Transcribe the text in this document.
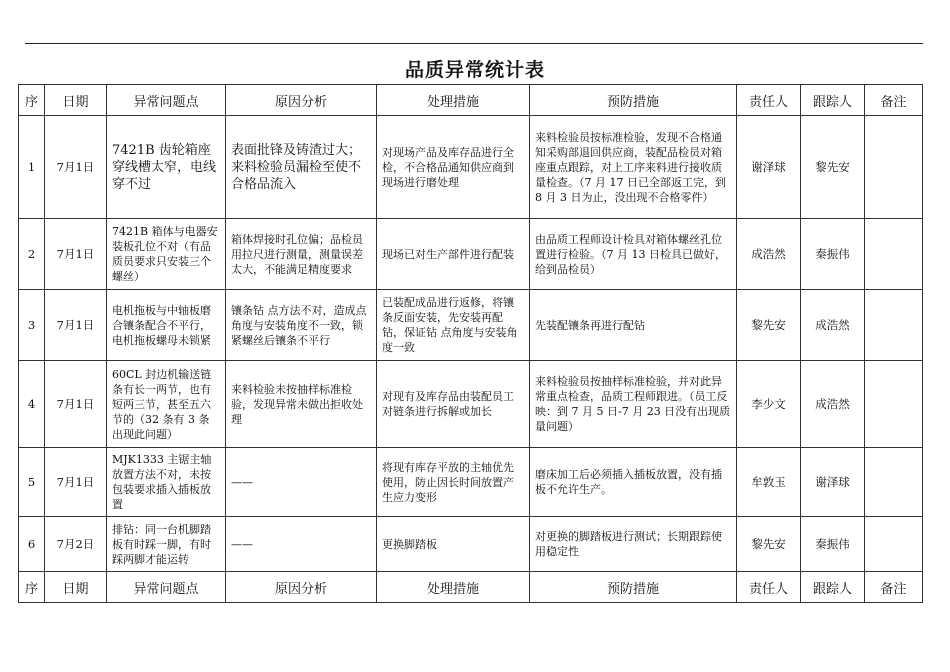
品质异常统计表
序	日期	异常问题点	原因分析	处理措施	预防措施	责任人	跟踪人	备注
1	7月1日	7421B 齿轮箱座穿线槽太窄，电线穿不过	表面批锋及铸渣过大；来料检验员漏检至使不合格品流入	对现场产品及库存品进行全检，不合格品通知供应商到现场进行磨处理	来料检验员按标准检验，发现不合格通知采购部退回供应商，装配品检员对箱座重点跟踪，对上工序来料进行接收质量检查。（7 月 17 日已全部返工完，到 8 月 3 日为止，没出现不合格零件）	谢泽球	黎先安	
2	7月1日	7421B 箱体与电器安装板孔位不对（有品质员要求只安装三个螺丝）	箱体焊接时孔位偏；品检员用拉尺进行测量，测量误差太大，不能满足精度要求	现场已对生产部件进行配装	由品质工程师设计检具对箱体螺丝孔位置进行检验。（7 月 13 日检具已做好，给到品检员）	成浩然	秦振伟	
3	7月1日	电机拖板与中轴板磨合镶条配合不平行，电机拖板螺母未锁紧	镶条钻 点方法不对，造成点角度与安装角度不一致，锁紧螺丝后镶条不平行	已装配成品进行返修，将镶条反面安装，先安装再配钻，保证钻 点角度与安装角度一致	先装配镶条再进行配钻	黎先安	成浩然	
4	7月1日	60CL 封边机输送链条有长一两节，也有短两三节，甚至五六节的（32 条有 3 条出现此问题）	来料检验未按抽样标准检验，发现异常未做出拒收处理	对现有及库存品由装配员工对链条进行拆解或加长	来料检验员按抽样标准检验，并对此异常重点检查，品质工程师跟进。（员工反映：到 7 月 5 日-7 月 23 日没有出现质量问题）	李少文	成浩然	
5	7月1日	MJK1333 主锯主轴放置方法不对，未按包装要求插入插板放置	——	将现有库存平放的主轴优先使用，防止因长时间放置产生应力变形	磨床加工后必须插入插板放置，没有插板不允许生产。	牟敦玉	谢泽球	
6	7月2日	排钻：同一台机脚踏板有时踩一脚，有时踩两脚才能运转	——	更换脚踏板	对更换的脚踏板进行测试；长期跟踪使用稳定性	黎先安	秦振伟	
序	日期	异常问题点	原因分析	处理措施	预防措施	责任人	跟踪人	备注
